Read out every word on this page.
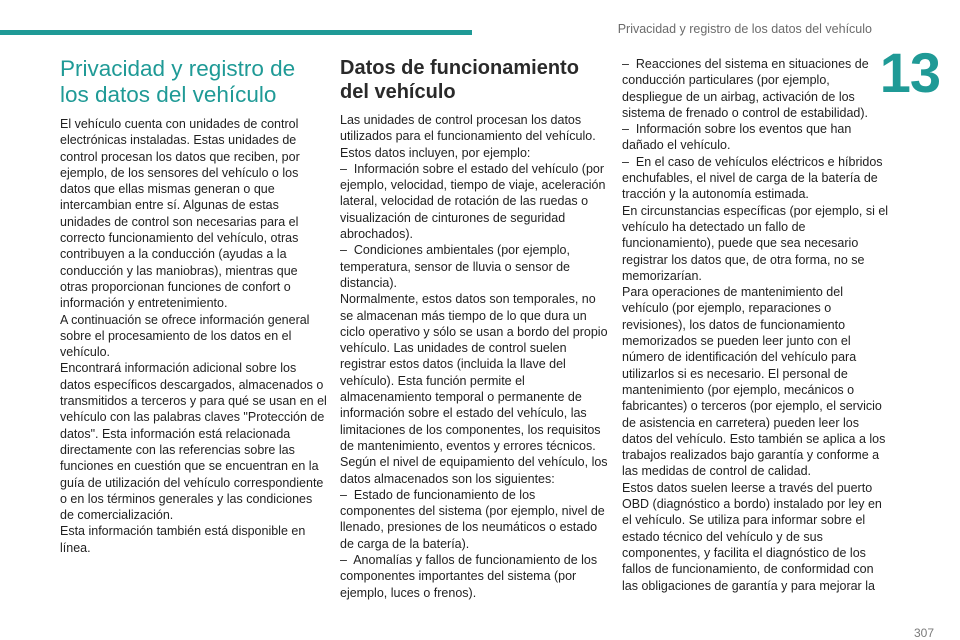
Privacidad y registro de los datos del vehículo
13
Privacidad y registro de los datos del vehículo

El vehículo cuenta con unidades de control electrónicas instaladas. Estas unidades de control procesan los datos que reciben, por ejemplo, de los sensores del vehículo o los datos que ellas mismas generan o que intercambian entre sí. Algunas de estas unidades de control son necesarias para el correcto funcionamiento del vehículo, otras contribuyen a la conducción (ayudas a la conducción y las maniobras), mientras que otras proporcionan funciones de confort o información y entretenimiento.

A continuación se ofrece información general sobre el procesamiento de los datos en el vehículo.

Encontrará información adicional sobre los datos específicos descargados, almacenados o transmitidos a terceros y para qué se usan en el vehículo con las palabras claves "Protección de datos". Esta información está relacionada directamente con las referencias sobre las funciones en cuestión que se encuentran en la guía de utilización del vehículo correspondiente o en los términos generales y las condiciones de comercialización.

Esta información también está disponible en línea.

Datos de funcionamiento del vehículo

Las unidades de control procesan los datos utilizados para el funcionamiento del vehículo.

Estos datos incluyen, por ejemplo:

–  Información sobre el estado del vehículo (por ejemplo, velocidad, tiempo de viaje, aceleración lateral, velocidad de rotación de las ruedas o visualización de cinturones de seguridad abrochados).

–  Condiciones ambientales (por ejemplo, temperatura, sensor de lluvia o sensor de distancia).

Normalmente, estos datos son temporales, no se almacenan más tiempo de lo que dura un ciclo operativo y sólo se usan a bordo del propio vehículo. Las unidades de control suelen registrar estos datos (incluida la llave del vehículo). Esta función permite el almacenamiento temporal o permanente de información sobre el estado del vehículo, las limitaciones de los componentes, los requisitos de mantenimiento, eventos y errores técnicos.

Según el nivel de equipamiento del vehículo, los datos almacenados son los siguientes:

–  Estado de funcionamiento de los componentes del sistema (por ejemplo, nivel de llenado, presiones de los neumáticos o estado de carga de la batería).

–  Anomalías y fallos de funcionamiento de los componentes importantes del sistema (por ejemplo, luces o frenos).

–  Reacciones del sistema en situaciones de conducción particulares (por ejemplo, despliegue de un airbag, activación de los sistema de frenado o control de estabilidad).

–  Información sobre los eventos que han dañado el vehículo.

–  En el caso de vehículos eléctricos e híbridos enchufables, el nivel de carga de la batería de tracción y la autonomía estimada.

En circunstancias específicas (por ejemplo, si el vehículo ha detectado un fallo de funcionamiento), puede que sea necesario registrar los datos que, de otra forma, no se memorizarían.

Para operaciones de mantenimiento del vehículo (por ejemplo, reparaciones o revisiones), los datos de funcionamiento memorizados se pueden leer junto con el número de identificación del vehículo para utilizarlos si es necesario. El personal de mantenimiento (por ejemplo, mecánicos o fabricantes) o terceros (por ejemplo, el servicio de asistencia en carretera) pueden leer los datos del vehículo. Esto también se aplica a los trabajos realizados bajo garantía y conforme a las medidas de control de calidad.

Estos datos suelen leerse a través del puerto OBD (diagnóstico a bordo) instalado por ley en el vehículo. Se utiliza para informar sobre el estado técnico del vehículo y de sus componentes, y facilita el diagnóstico de los fallos de funcionamiento, de conformidad con las obligaciones de garantía y para mejorar la

307
